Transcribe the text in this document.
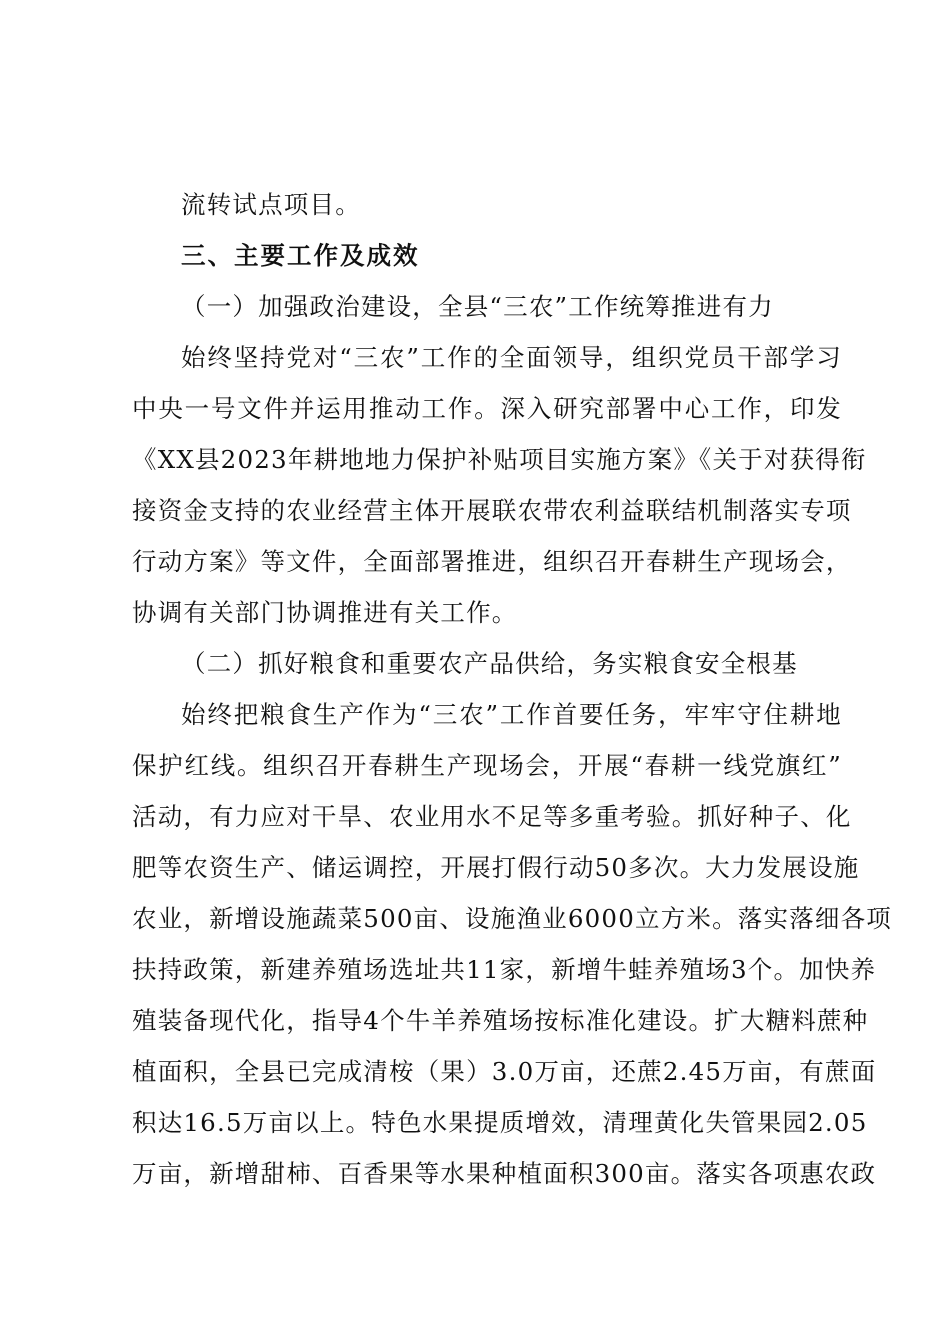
流转试点项目。
三、主要工作及成效
（一）加强政治建设，全县“三农”工作统筹推进有力
始终坚持党对“三农”工作的全面领导，组织党员干部学习
中央一号文件并运用推动工作。深入研究部署中心工作，印发
《XX县2023年耕地地力保护补贴项目实施方案》《关于对获得衔
接资金支持的农业经营主体开展联农带农利益联结机制落实专项
行动方案》等文件，全面部署推进，组织召开春耕生产现场会，
协调有关部门协调推进有关工作。
（二）抓好粮食和重要农产品供给，务实粮食安全根基
始终把粮食生产作为“三农”工作首要任务，牢牢守住耕地
保护红线。组织召开春耕生产现场会，开展“春耕一线党旗红”
活动，有力应对干旱、农业用水不足等多重考验。抓好种子、化
肥等农资生产、储运调控，开展打假行动50多次。大力发展设施
农业，新增设施蔬菜500亩、设施渔业6000立方米。落实落细各项
扶持政策，新建养殖场选址共11家，新增牛蛙养殖场3个。加快养
殖装备现代化，指导4个牛羊养殖场按标准化建设。扩大糖料蔗种
植面积，全县已完成清桉（果）3.0万亩，还蔗2.45万亩，有蔗面
积达16.5万亩以上。特色水果提质增效，清理黄化失管果园2.05
万亩，新增甜柿、百香果等水果种植面积300亩。落实各项惠农政
